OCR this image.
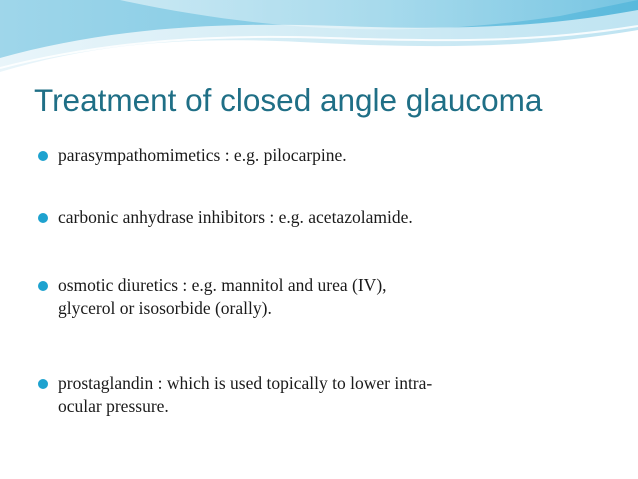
Treatment of closed angle glaucoma
parasympathomimetics : e.g. pilocarpine.
carbonic anhydrase inhibitors : e.g. acetazolamide.
osmotic diuretics : e.g. mannitol and urea (IV),
glycerol or isosorbide (orally).
prostaglandin : which is used topically to lower intra-
ocular pressure.
